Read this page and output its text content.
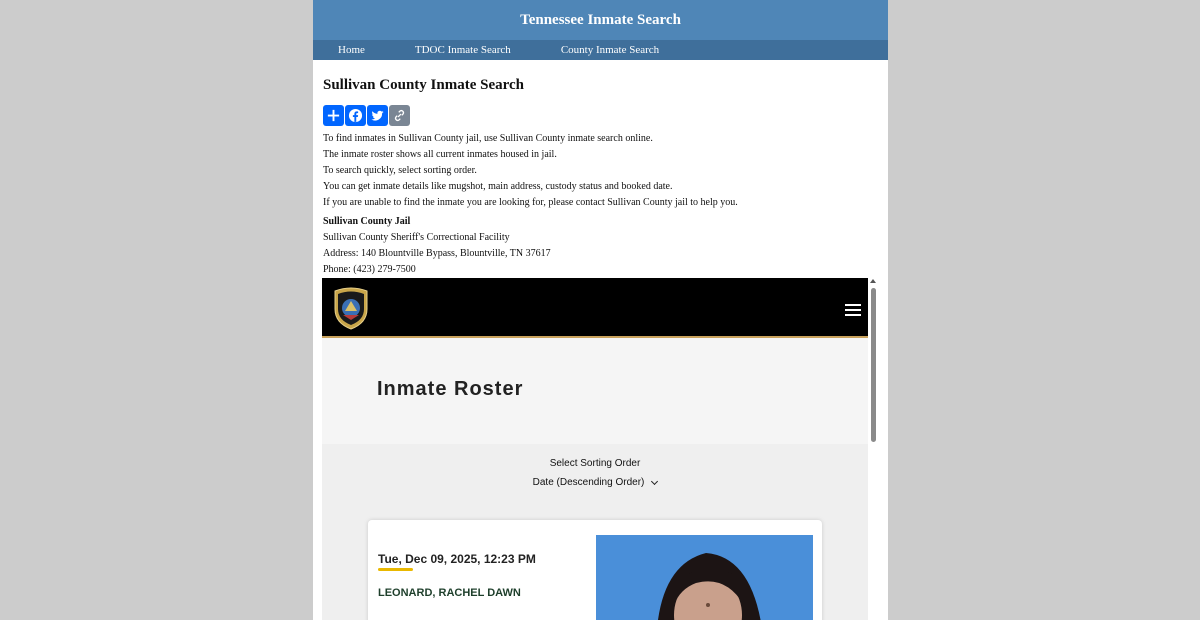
Tennessee Inmate Search
Home	TDOC Inmate Search	County Inmate Search
Sullivan County Inmate Search
To find inmates in Sullivan County jail, use Sullivan County inmate search online.
The inmate roster shows all current inmates housed in jail.
To search quickly, select sorting order.
You can get inmate details like mugshot, main address, custody status and booked date.
If you are unable to find the inmate you are looking for, please contact Sullivan County jail to help you.
Sullivan County Jail
Sullivan County Sheriff's Correctional Facility
Address: 140 Blountville Bypass, Blountville, TN 37617
Phone: (423) 279-7500
Inmate Roster
Select Sorting Order
Date (Descending Order)
Tue, Dec 09, 2025, 12:23 PM
LEONARD, RACHEL DAWN
